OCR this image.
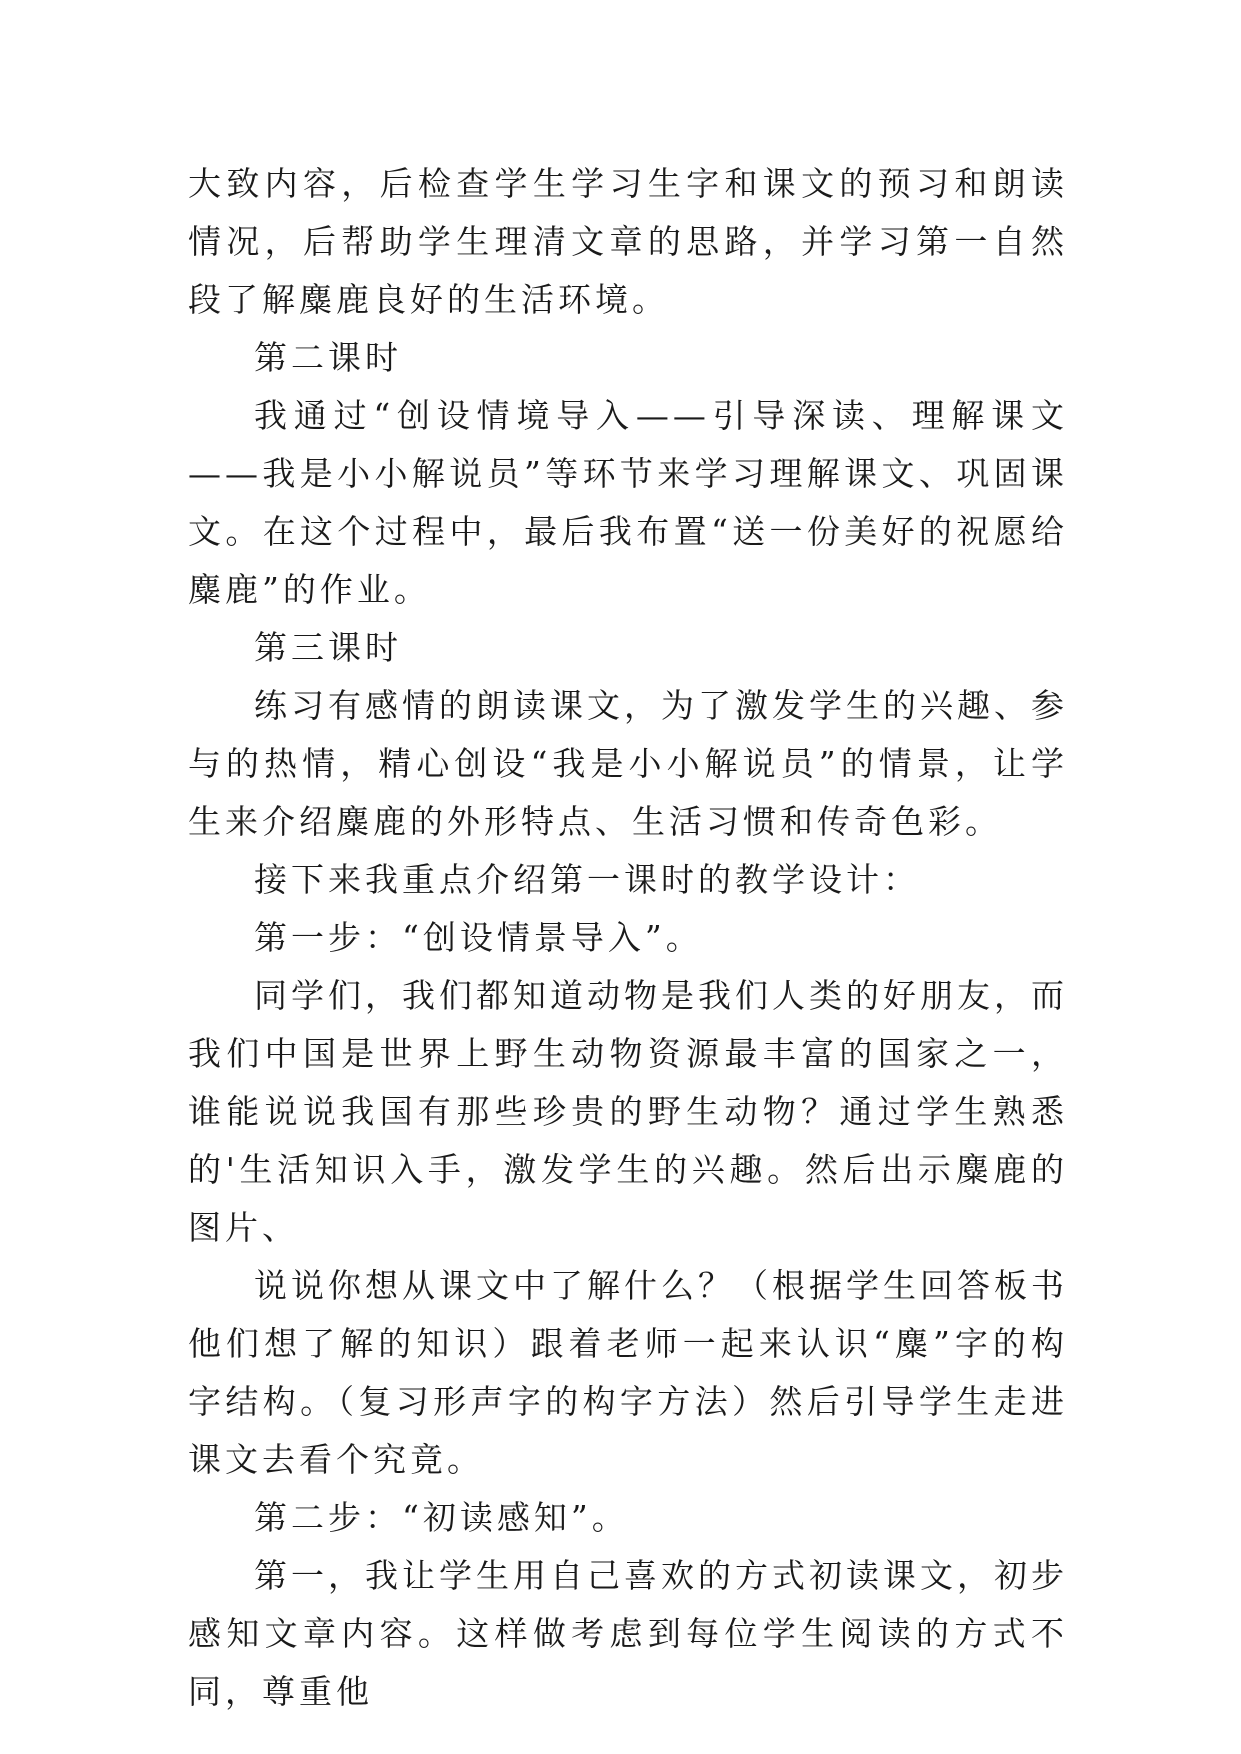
大致内容，后检查学生学习生字和课文的预习和朗读情况，后帮助学生理清文章的思路，并学习第一自然段了解麋鹿良好的生活环境。

第二课时

我通过“创设情境导入——引导深读、理解课文——我是小小解说员”等环节来学习理解课文、巩固课文。在这个过程中，最后我布置“送一份美好的祝愿给麋鹿”的作业。

第三课时

练习有感情的朗读课文，为了激发学生的兴趣、参与的热情，精心创设“我是小小解说员”的情景，让学生来介绍麋鹿的外形特点、生活习惯和传奇色彩。

接下来我重点介绍第一课时的教学设计：

第一步：“创设情景导入”。

同学们，我们都知道动物是我们人类的好朋友，而我们中国是世界上野生动物资源最丰富的国家之一，谁能说说我国有那些珍贵的野生动物？通过学生熟悉的'生活知识入手，激发学生的兴趣。然后出示麋鹿的图片、

说说你想从课文中了解什么？（根据学生回答板书他们想了解的知识）跟着老师一起来认识“麋”字的构字结构。（复习形声字的构字方法）然后引导学生走进课文去看个究竟。

第二步：“初读感知”。

第一，我让学生用自己喜欢的方式初读课文，初步感知文章内容。这样做考虑到每位学生阅读的方式不同，尊重他
